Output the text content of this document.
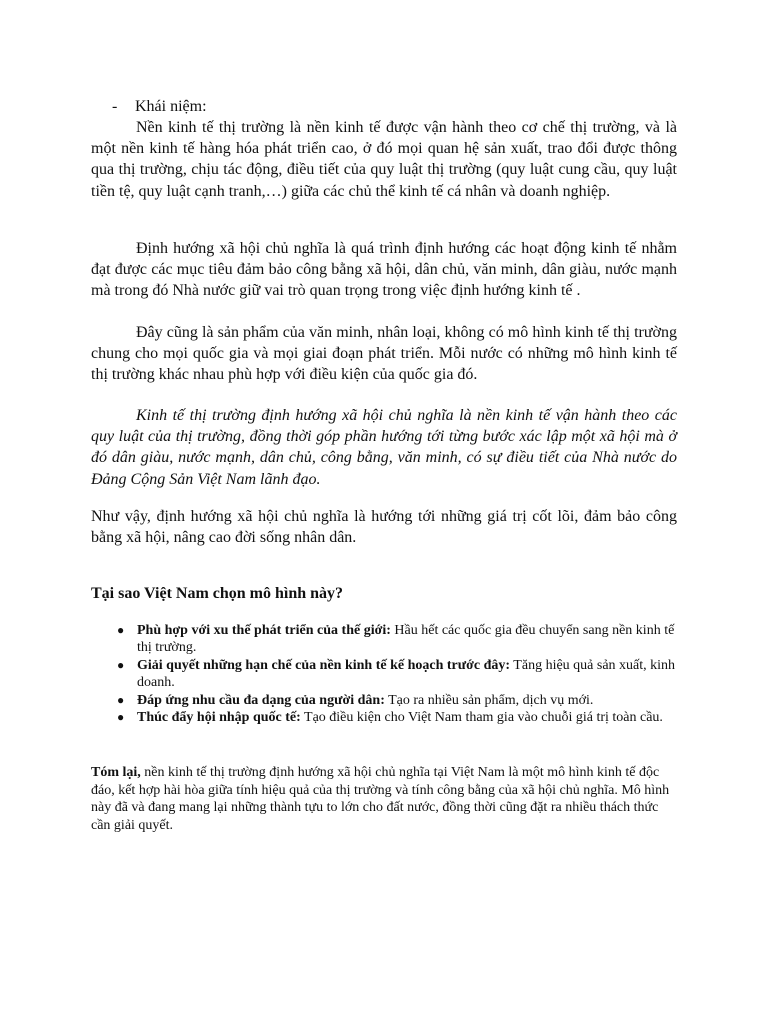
- Khái niệm:

Nền kinh tế thị trường là nền kinh tế được vận hành theo cơ chế thị trường, và là một nền kinh tế hàng hóa phát triển cao, ở đó mọi quan hệ sản xuất, trao đổi được thông qua thị trường, chịu tác động, điều tiết của quy luật thị trường (quy luật cung cầu, quy luật tiền tệ, quy luật cạnh tranh,…) giữa các chủ thể kinh tế cá nhân và doanh nghiệp.

Định hướng xã hội chủ nghĩa là quá trình định hướng các hoạt động kinh tế nhằm đạt được các mục tiêu đảm bảo công bằng xã hội, dân chủ, văn minh, dân giàu, nước mạnh mà trong đó Nhà nước giữ vai trò quan trọng trong việc định hướng kinh tế .

Đây cũng là sản phẩm của văn minh, nhân loại, không có mô hình kinh tế thị trường chung cho mọi quốc gia và mọi giai đoạn phát triển. Mỗi nước có những mô hình kinh tế thị trường khác nhau phù hợp với điều kiện của quốc gia đó.

Kinh tế thị trường định hướng xã hội chủ nghĩa là nền kinh tế vận hành theo các quy luật của thị trường, đồng thời góp phần hướng tới từng bước xác lập một xã hội mà ở đó dân giàu, nước mạnh, dân chủ, công bằng, văn minh, có sự điều tiết của Nhà nước do Đảng Cộng Sản Việt Nam lãnh đạo.

Như vậy, định hướng xã hội chủ nghĩa là hướng tới những giá trị cốt lõi, đảm bảo công bằng xã hội, nâng cao đời sống nhân dân.

Tại sao Việt Nam chọn mô hình này?
● Phù hợp với xu thế phát triển của thế giới: Hầu hết các quốc gia đều chuyển sang nền kinh tế thị trường.
● Giải quyết những hạn chế của nền kinh tế kế hoạch trước đây: Tăng hiệu quả sản xuất, kinh doanh.
● Đáp ứng nhu cầu đa dạng của người dân: Tạo ra nhiều sản phẩm, dịch vụ mới.
● Thúc đẩy hội nhập quốc tế: Tạo điều kiện cho Việt Nam tham gia vào chuỗi giá trị toàn cầu.

Tóm lại, nền kinh tế thị trường định hướng xã hội chủ nghĩa tại Việt Nam là một mô hình kinh tế độc đáo, kết hợp hài hòa giữa tính hiệu quả của thị trường và tính công bằng của xã hội chủ nghĩa. Mô hình này đã và đang mang lại những thành tựu to lớn cho đất nước, đồng thời cũng đặt ra nhiều thách thức cần giải quyết.
